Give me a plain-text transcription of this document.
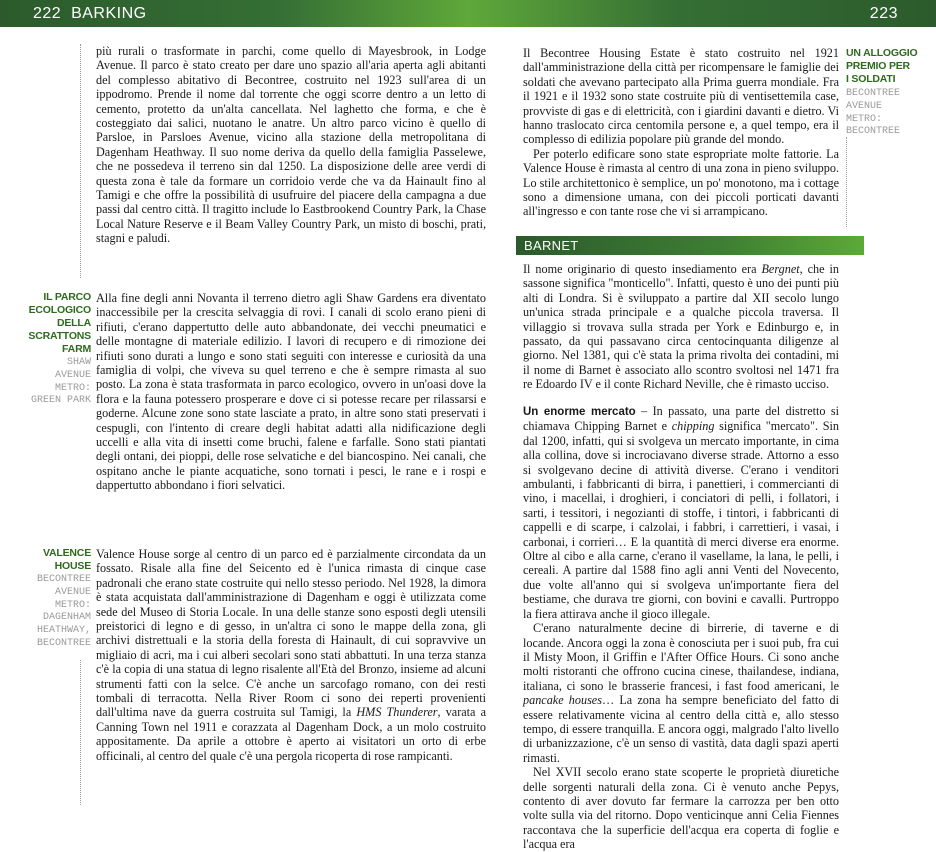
222  BARKING	223

più rurali o trasformate in parchi, come quello di Mayesbrook, in Lodge Avenue. Il parco è stato creato per dare uno spazio all'aria aperta agli abitanti del complesso abitativo di Becontree, costruito nel 1923 sull'area di un ippodromo. Prende il nome dal torrente che oggi scorre dentro a un letto di cemento, protetto da un'alta cancellata. Nel laghetto che forma, e che è costeggiato dai salici, nuotano le anatre. Un altro parco vicino è quello di Parsloe, in Parsloes Avenue, vicino alla stazione della metropolitana di Dagenham Heathway. Il suo nome deriva da quello della famiglia Passelewe, che ne possedeva il terreno sin dal 1250. La disposizione delle aree verdi di questa zona è tale da formare un corridoio verde che va da Hainault fino al Tamigi e che offre la possibilità di usufruire del piacere della campagna a due passi dal centro città. Il tragitto include lo Eastbrookend Country Park, la Chase Local Nature Reserve e il Beam Valley Country Park, un misto di boschi, prati, stagni e paludi.

IL PARCO
ECOLOGICO
DELLA
SCRATTONS
FARM
SHAW
AVENUE
METRO:
GREEN PARK

Alla fine degli anni Novanta il terreno dietro agli Shaw Gardens era diventato inaccessibile per la crescita selvaggia di rovi. I canali di scolo erano pieni di rifiuti, c'erano dappertutto delle auto abbandonate, dei vecchi pneumatici e delle montagne di materiale edilizio. I lavori di recupero e di rimozione dei rifiuti sono durati a lungo e sono stati seguiti con interesse e curiosità da una famiglia di volpi, che viveva su quel terreno e che è sempre rimasta al suo posto. La zona è stata trasformata in parco ecologico, ovvero in un'oasi dove la flora e la fauna potessero prosperare e dove ci si potesse recare per rilassarsi e goderne. Alcune zone sono state lasciate a prato, in altre sono stati preservati i cespugli, con l'intento di creare degli habitat adatti alla nidificazione degli uccelli e alla vita di insetti come bruchi, falene e farfalle. Sono stati piantati degli ontani, dei pioppi, delle rose selvatiche e del biancospino. Nei canali, che ospitano anche le piante acquatiche, sono tornati i pesci, le rane e i rospi e dappertutto abbondano i fiori selvatici.

VALENCE HOUSE
BECONTREE
AVENUE
METRO:
DAGENHAM
HEATHWAY,
BECONTREE

Valence House sorge al centro di un parco ed è parzialmente circondata da un fossato. Risale alla fine del Seicento ed è l'unica rimasta di cinque case padronali che erano state costruite qui nello stesso periodo. Nel 1928, la dimora è stata acquistata dall'amministrazione di Dagenham e oggi è utilizzata come sede del Museo di Storia Locale. In una delle stanze sono esposti degli utensili preistorici di legno e di gesso, in un'altra ci sono le mappe della zona, gli archivi distrettuali e la storia della foresta di Hainault, di cui sopravvive un migliaio di acri, ma i cui alberi secolari sono stati abbattuti. In una terza stanza c'è la copia di una statua di legno risalente all'Età del Bronzo, insieme ad alcuni strumenti fatti con la selce. C'è anche un sarcofago romano, con dei resti tombali di terracotta. Nella River Room ci sono dei reperti provenienti dall'ultima nave da guerra costruita sul Tamigi, la HMS Thunderer, varata a Canning Town nel 1911 e corazzata al Dagenham Dock, a un molo costruito appositamente. Da aprile a ottobre è aperto ai visitatori un orto di erbe officinali, al centro del quale c'è una pergola ricoperta di rose rampicanti.

Il Becontree Housing Estate è stato costruito nel 1921 dall'amministrazione della città per ricompensare le famiglie dei soldati che avevano partecipato alla Prima guerra mondiale. Fra il 1921 e il 1932 sono state costruite più di ventisettemila case, provviste di gas e di elettricità, con i giardini davanti e dietro. Vi hanno traslocato circa centomila persone e, a quel tempo, era il complesso di edilizia popolare più grande del mondo.

Per poterlo edificare sono state espropriate molte fattorie. La Valence House è rimasta al centro di una zona in pieno sviluppo. Lo stile architettonico è semplice, un po' monotono, ma i cottage sono a dimensione umana, con dei piccoli porticati davanti all'ingresso e con tante rose che vi si arrampicano.

UN ALLOGGIO
PREMIO PER
I SOLDATI
BECONTREE
AVENUE
METRO:
BECONTREE
BARNET

Il nome originario di questo insediamento era Bergnet, che in sassone significa "monticello". Infatti, questo è uno dei punti più alti di Londra. Si è sviluppato a partire dal XII secolo lungo un'unica strada principale e a qualche piccola traversa. Il villaggio si trovava sulla strada per York e Edinburgo e, in passato, da qui passavano circa centocinquanta diligenze al giorno. Nel 1381, qui c'è stata la prima rivolta dei contadini, mi il nome di Barnet è associato allo scontro svoltosi nel 1471 fra re Edoardo IV e il conte Richard Neville, che è rimasto ucciso.

Un enorme mercato – In passato, una parte del distretto si chiamava Chipping Barnet e chipping significa "mercato". Sin dal 1200, infatti, qui si svolgeva un mercato importante, in cima alla collina, dove si incrociavano diverse strade. Attorno a esso si svolgevano decine di attività diverse. C'erano i venditori ambulanti, i fabbricanti di birra, i panettieri, i commercianti di vino, i macellai, i droghieri, i conciatori di pelli, i follatori, i sarti, i tessitori, i negozianti di stoffe, i tintori, i fabbricanti di cappelli e di scarpe, i calzolai, i fabbri, i carrettieri, i vasai, i carbonai, i corrieri… E la quantità di merci diverse era enorme. Oltre al cibo e alla carne, c'erano il vasellame, la lana, le pelli, i cereali. A partire dal 1588 fino agli anni Venti del Novecento, due volte all'anno qui si svolgeva un'importante fiera del bestiame, che durava tre giorni, con bovini e cavalli. Purtroppo la fiera attirava anche il gioco illegale.

C'erano naturalmente decine di birrerie, di taverne e di locande. Ancora oggi la zona è conosciuta per i suoi pub, fra cui il Misty Moon, il Griffin e l'After Office Hours. Ci sono anche molti ristoranti che offrono cucina cinese, thailandese, indiana, italiana, ci sono le brasserie francesi, i fast food americani, le pancake houses… La zona ha sempre beneficiato del fatto di essere relativamente vicina al centro della città e, allo stesso tempo, di essere tranquilla. E ancora oggi, malgrado l'alto livello di urbanizzazione, c'è un senso di vastità, data dagli spazi aperti rimasti.

Nel XVII secolo erano state scoperte le proprietà diuretiche delle sorgenti naturali della zona. Ci è venuto anche Pepys, contento di aver dovuto far fermare la carrozza per ben otto volte sulla via del ritorno. Dopo venticinque anni Celia Fiennes raccontava che la superficie dell'acqua era coperta di foglie e l'acqua era
